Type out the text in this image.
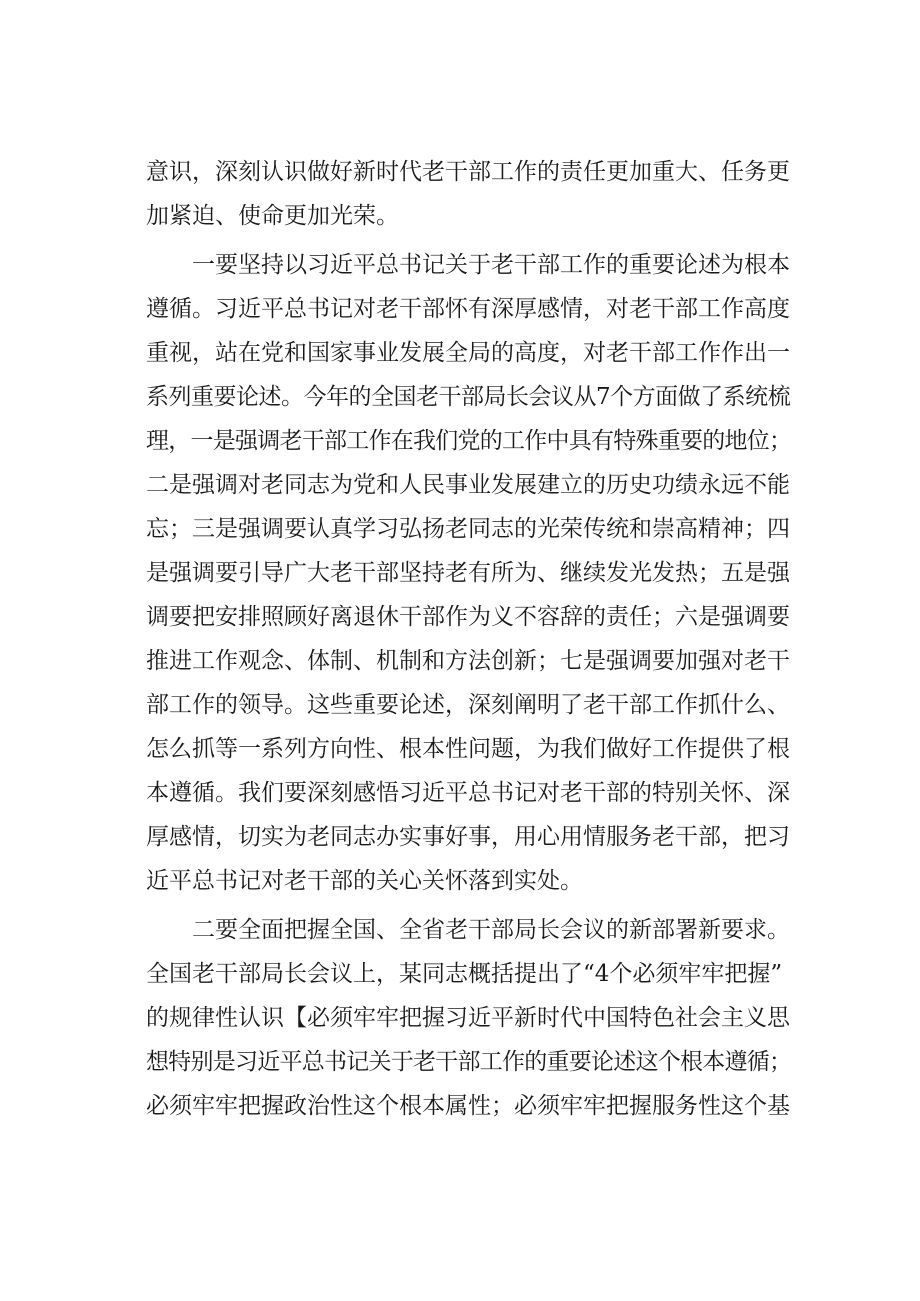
意识，深刻认识做好新时代老干部工作的责任更加重大、任务更
加紧迫、使命更加光荣。
一要坚持以习近平总书记关于老干部工作的重要论述为根本
遵循。习近平总书记对老干部怀有深厚感情，对老干部工作高度
重视，站在党和国家事业发展全局的高度，对老干部工作作出一
系列重要论述。今年的全国老干部局长会议从7个方面做了系统梳
理，一是强调老干部工作在我们党的工作中具有特殊重要的地位；
二是强调对老同志为党和人民事业发展建立的历史功绩永远不能
忘；三是强调要认真学习弘扬老同志的光荣传统和崇高精神；四
是强调要引导广大老干部坚持老有所为、继续发光发热；五是强
调要把安排照顾好离退休干部作为义不容辞的责任；六是强调要
推进工作观念、体制、机制和方法创新；七是强调要加强对老干
部工作的领导。这些重要论述，深刻阐明了老干部工作抓什么、
怎么抓等一系列方向性、根本性问题，为我们做好工作提供了根
本遵循。我们要深刻感悟习近平总书记对老干部的特别关怀、深
厚感情，切实为老同志办实事好事，用心用情服务老干部，把习
近平总书记对老干部的关心关怀落到实处。
二要全面把握全国、全省老干部局长会议的新部署新要求。
全国老干部局长会议上，某同志概括提出了“4个必须牢牢把握”
的规律性认识【必须牢牢把握习近平新时代中国特色社会主义思
想特别是习近平总书记关于老干部工作的重要论述这个根本遵循；
必须牢牢把握政治性这个根本属性；必须牢牢把握服务性这个基
